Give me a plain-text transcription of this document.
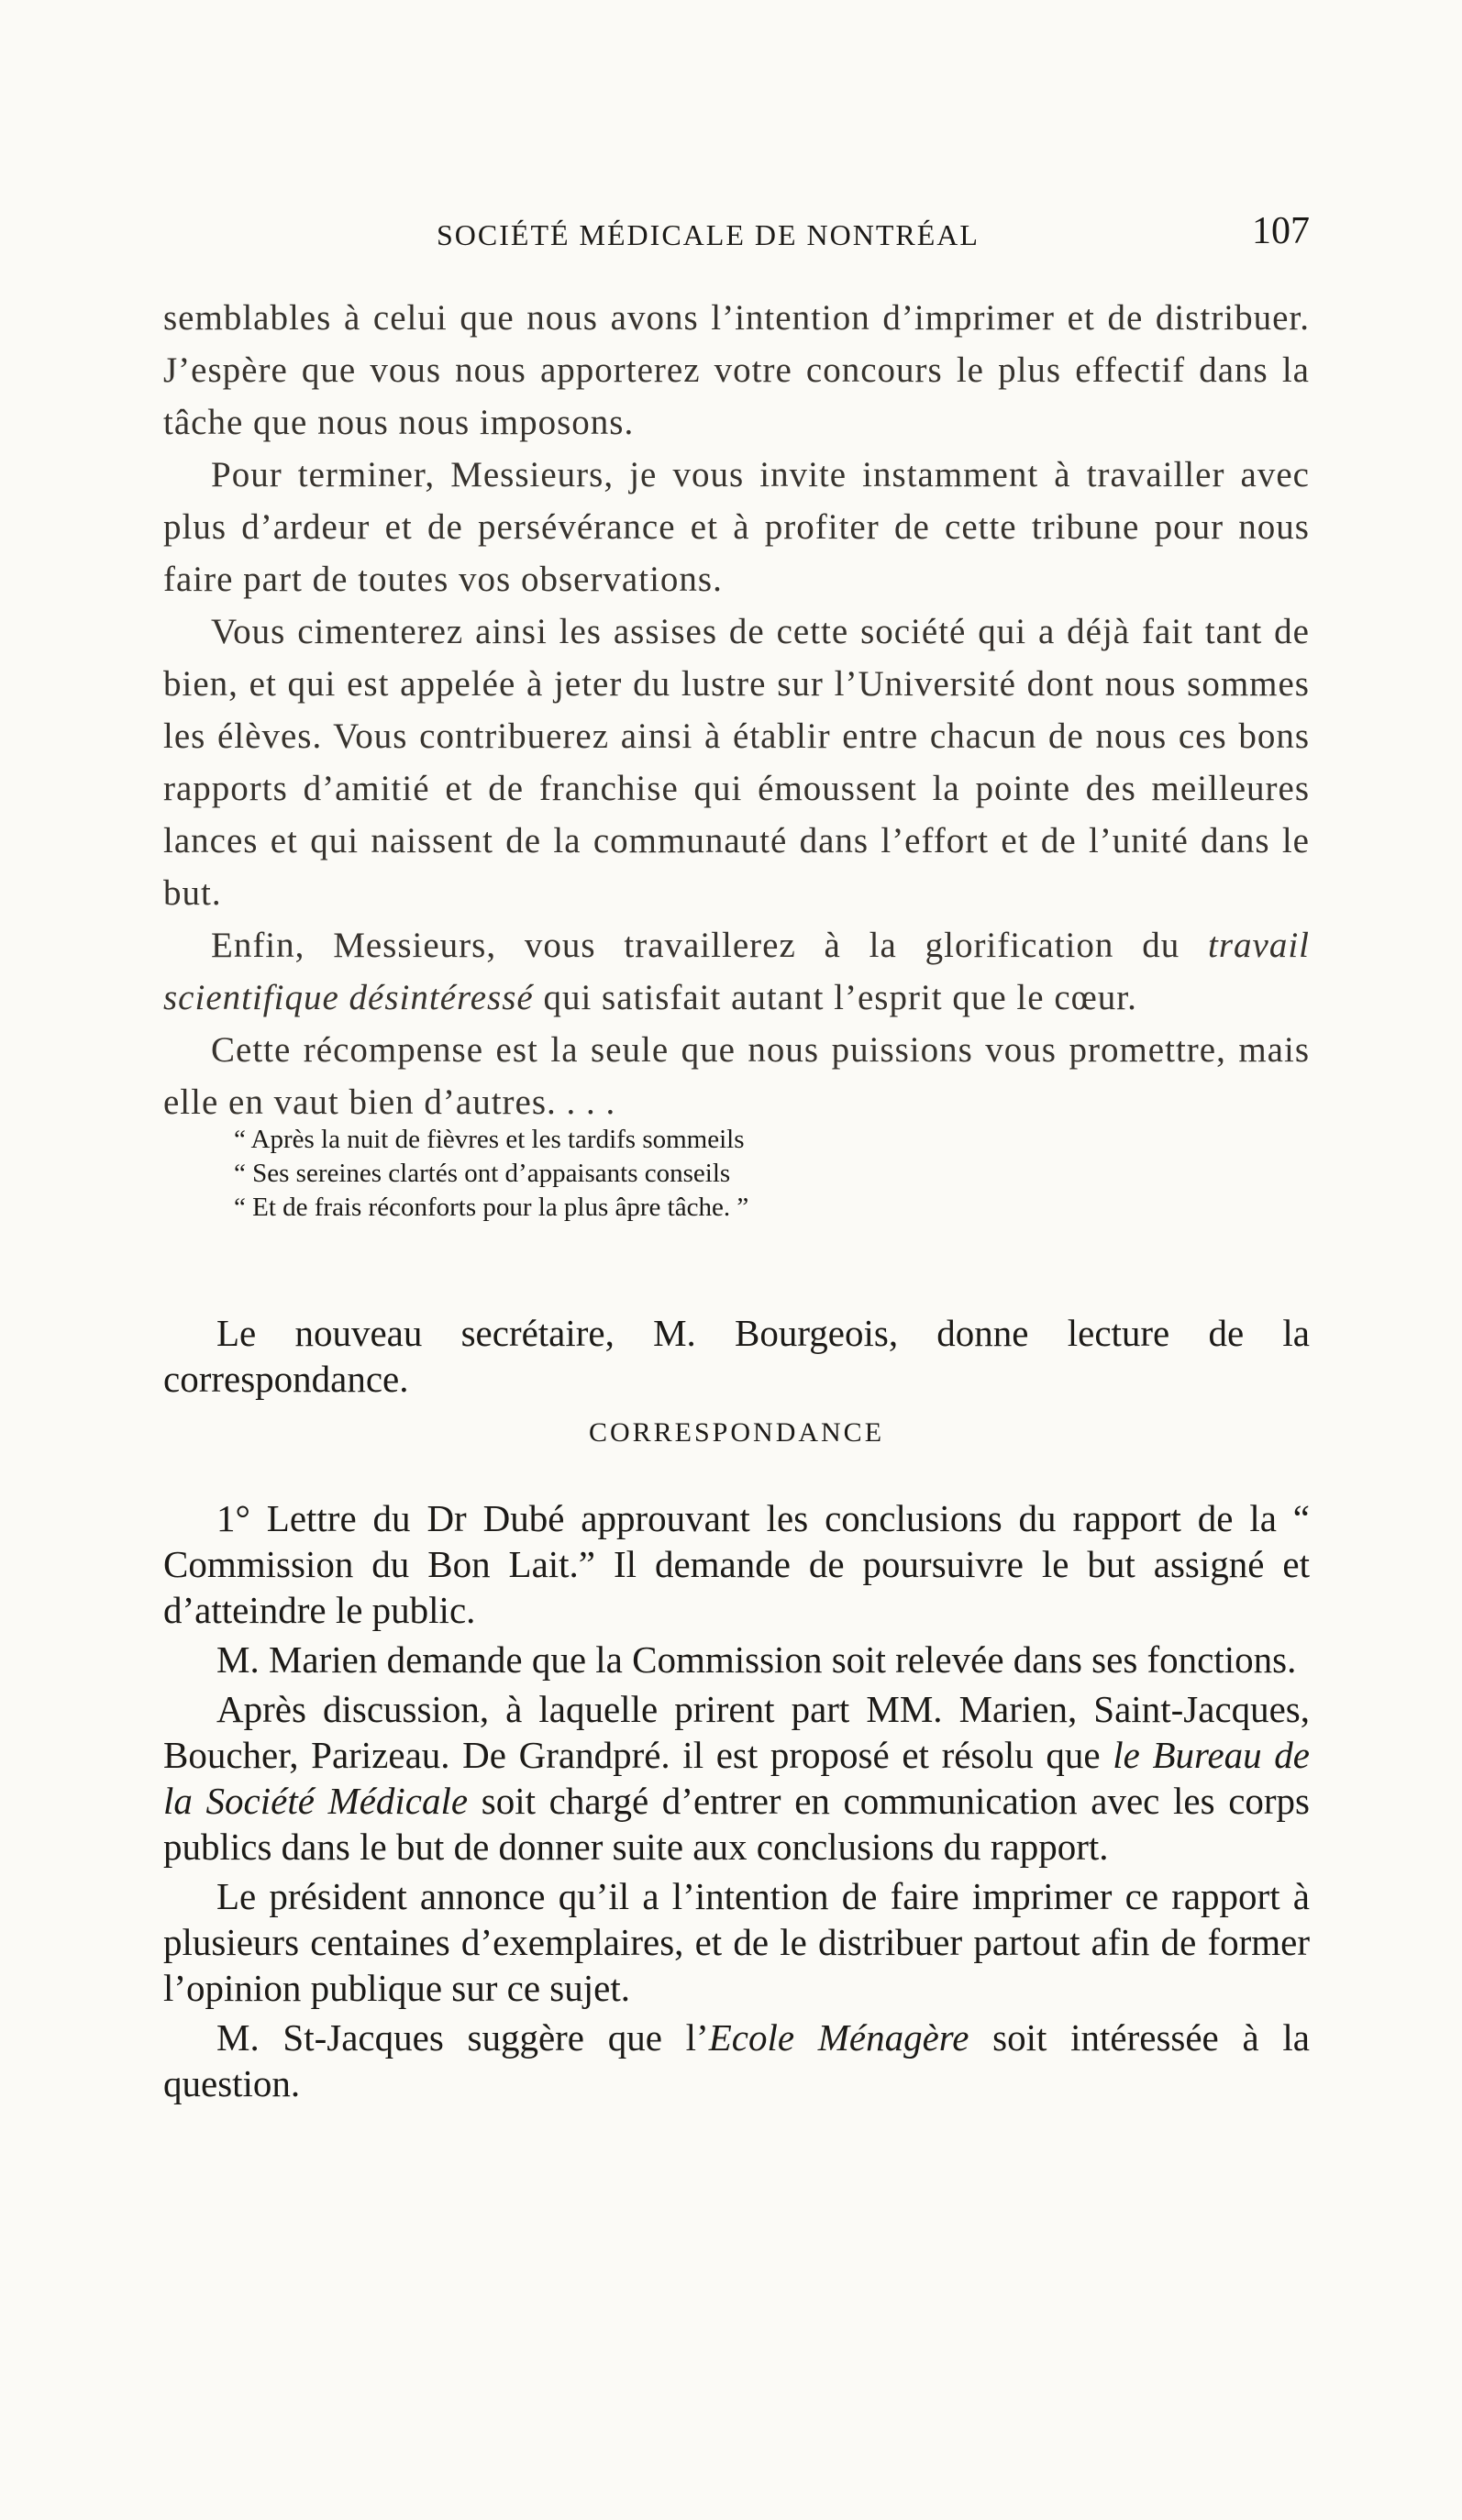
SOCIÉTÉ MÉDICALE DE NONTRÉAL	107

semblables à celui que nous avons l’intention d’imprimer et de distribuer. J’espère que vous nous apporterez votre concours le plus effectif dans la tâche que nous nous imposons.

Pour terminer, Messieurs, je vous invite instamment à travailler avec plus d’ardeur et de persévérance et à profiter de cette tribune pour nous faire part de toutes vos observations.

Vous cimenterez ainsi les assises de cette société qui a déjà fait tant de bien, et qui est appelée à jeter du lustre sur l’Université dont nous sommes les élèves. Vous contribuerez ainsi à établir entre chacun de nous ces bons rapports d’amitié et de franchise qui émoussent la pointe des meilleures lances et qui naissent de la communauté dans l’effort et de l’unité dans le but.

Enfin, Messieurs, vous travaillerez à la glorification du travail scientifique désintéressé qui satisfait autant l’esprit que le cœur.

Cette récompense est la seule que nous puissions vous promettre, mais elle en vaut bien d’autres. . . .

“ Après la nuit de fièvres et les tardifs sommeils

“ Ses sereines clartés ont d’appaisants conseils

“ Et de frais réconforts pour la plus âpre tâche. ”

Le nouveau secrétaire, M. Bourgeois, donne lecture de la correspondance.

CORRESPONDANCE

1° Lettre du Dr Dubé approuvant les conclusions du rapport de la “ Commission du Bon Lait.” Il demande de poursuivre le but assigné et d’atteindre le public.

M. Marien demande que la Commission soit relevée dans ses fonctions.

Après discussion, à laquelle prirent part MM. Marien, Saint-Jacques, Boucher, Parizeau. De Grandpré. il est proposé et résolu que le Bureau de la Société Médicale soit chargé d’entrer en communication avec les corps publics dans le but de donner suite aux conclusions du rapport.

Le président annonce qu’il a l’intention de faire imprimer ce rapport à plusieurs centaines d’exemplaires, et de le distribuer partout afin de former l’opinion publique sur ce sujet.

M. St-Jacques suggère que l’Ecole Ménagère soit intéressée à la question.
